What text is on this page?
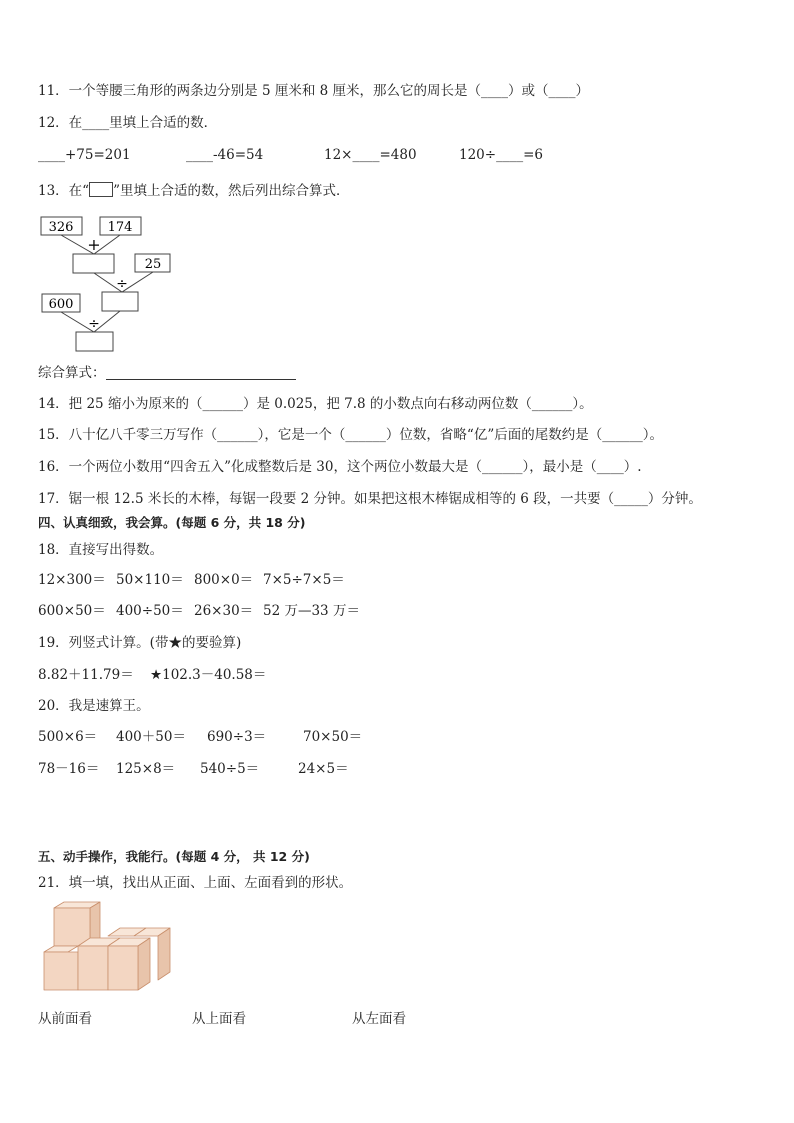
11．一个等腰三角形的两条边分别是 5 厘米和 8 厘米，那么它的周长是（____）或（____）
12．在____里填上合适的数．
____+75=201	____-46=54	12×____=480	120÷____=6
13．在“ ”里填上合适的数，然后列出综合算式．
326	174
+
25
÷
600
÷
综合算式：
14．把 25 缩小为原来的（______）是 0.025，把 7.8 的小数点向右移动两位数（______）。
15．八十亿八千零三万写作（______），它是一个（______）位数，省略“亿”后面的尾数约是（______）。
16．一个两位小数用“四舍五入”化成整数后是 30，这个两位小数最大是（______），最小是（____）.
17．锯一根 12.5 米长的木棒，每锯一段要 2 分钟。如果把这根木棒锯成相等的 6 段，一共要（_____）分钟。
四、认真细致，我会算。(每题 6 分，共 18 分)
18．直接写出得数。
12×300＝ 50×110＝ 800×0＝ 7×5÷7×5＝
600×50＝ 400÷50＝ 26×30＝ 52 万—33 万＝
19．列竖式计算。(带★的要验算)
8.82＋11.79＝ ★102.3－40.58＝
20．我是速算王。
500×6＝ 400＋50＝ 690÷3＝	70×50＝
78－16＝ 125×8＝ 540÷5＝	24×5＝
五、动手操作，我能行。(每题 4 分， 共 12 分)
21．填一填，找出从正面、上面、左面看到的形状。
从前面看	从上面看	从左面看
